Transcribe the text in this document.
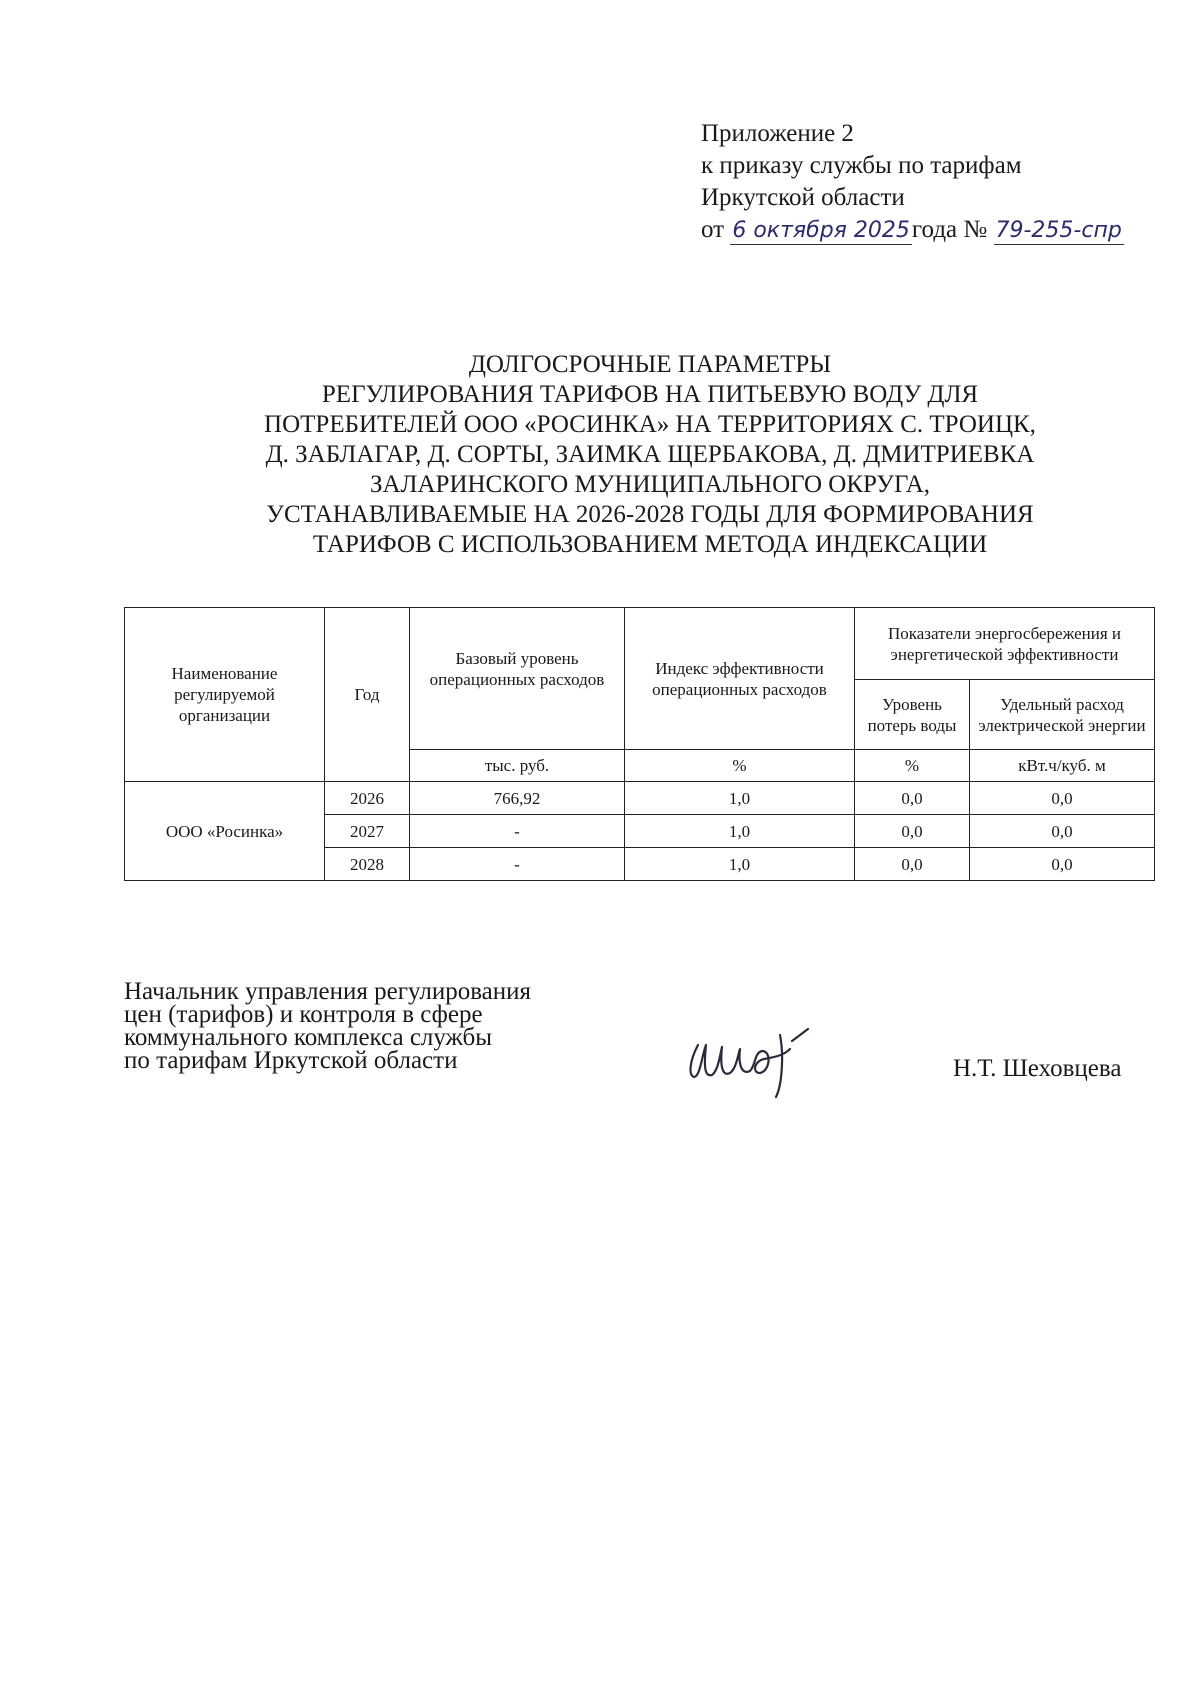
Приложение 2
к приказу службы по тарифам
Иркутской области
от 6 октября 2025года № 79-255-спр
ДОЛГОСРОЧНЫЕ ПАРАМЕТРЫ
РЕГУЛИРОВАНИЯ ТАРИФОВ НА ПИТЬЕВУЮ ВОДУ ДЛЯ
ПОТРЕБИТЕЛЕЙ ООО «РОСИНКА» НА ТЕРРИТОРИЯХ С. ТРОИЦК,
Д. ЗАБЛАГАР, Д. СОРТЫ, ЗАИМКА ЩЕРБАКОВА, Д. ДМИТРИЕВКА
ЗАЛАРИНСКОГО МУНИЦИПАЛЬНОГО ОКРУГА,
УСТАНАВЛИВАЕМЫЕ НА 2026-2028 ГОДЫ ДЛЯ ФОРМИРОВАНИЯ
ТАРИФОВ С ИСПОЛЬЗОВАНИЕМ МЕТОДА ИНДЕКСАЦИИ
Наименование регулируемой организации	Год	Базовый уровень операционных расходов	Индекс эффективности операционных расходов	Показатели энергосбережения и энергетической эффективности	
				Уровень потерь воды	Удельный расход электрической энергии
		тыс. руб.	%	%	кВт.ч/куб. м
ООО «Росинка»	2026	766,92	1,0	0,0	0,0
	2027	-	1,0	0,0	0,0
	2028	-	1,0	0,0	0,0
Начальник управления регулирования
цен (тарифов) и контроля в сфере
коммунального комплекса службы
по тарифам Иркутской области	Н.Т. Шеховцева
